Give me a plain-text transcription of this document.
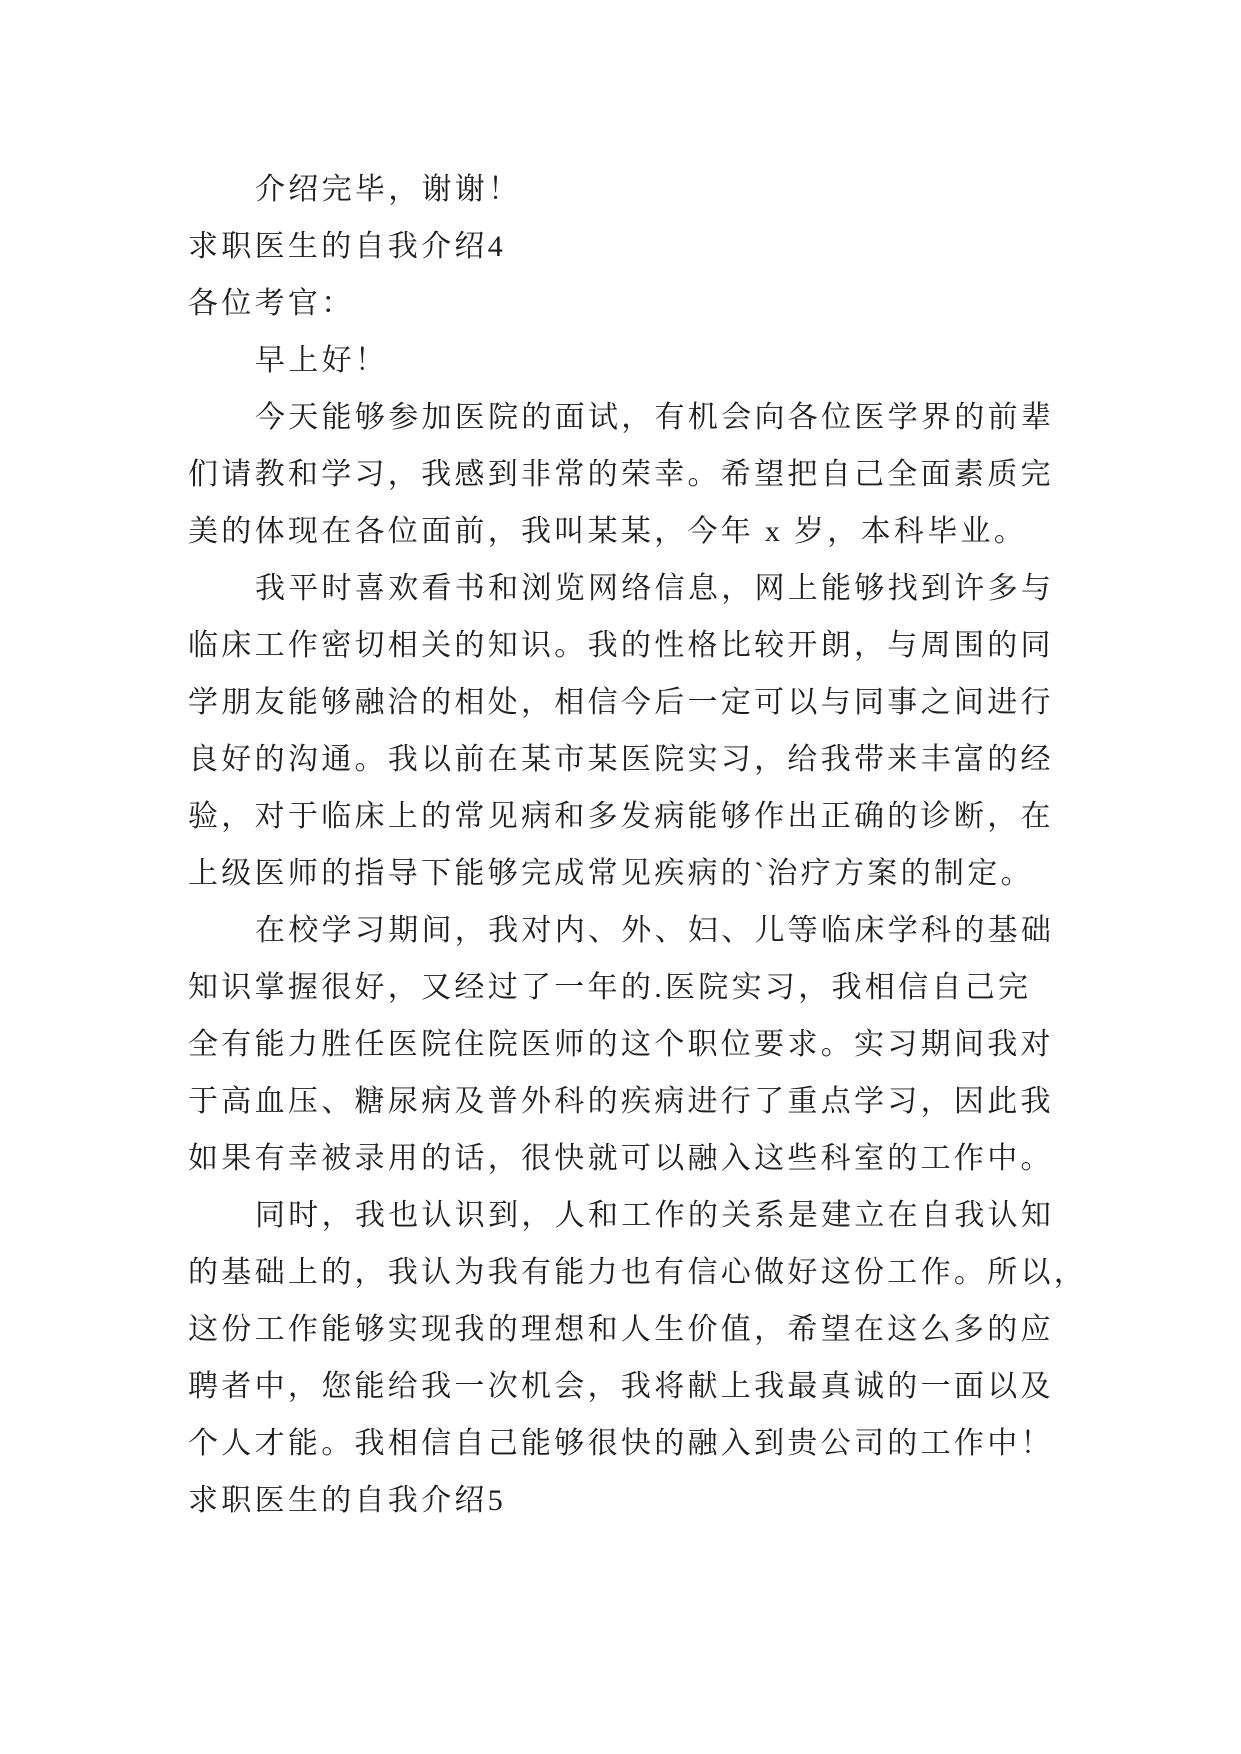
介绍完毕，谢谢！
求职医生的自我介绍4
各位考官：
早上好！
今天能够参加医院的面试，有机会向各位医学界的前辈
们请教和学习，我感到非常的荣幸。希望把自己全面素质完
美的体现在各位面前，我叫某某，今年 x 岁，本科毕业。
我平时喜欢看书和浏览网络信息，网上能够找到许多与
临床工作密切相关的知识。我的性格比较开朗，与周围的同
学朋友能够融洽的相处，相信今后一定可以与同事之间进行
良好的沟通。我以前在某市某医院实习，给我带来丰富的经
验，对于临床上的常见病和多发病能够作出正确的诊断，在
上级医师的指导下能够完成常见疾病的`治疗方案的制定。
在校学习期间，我对内、外、妇、儿等临床学科的基础
知识掌握很好，又经过了一年的.医院实习，我相信自己完
全有能力胜任医院住院医师的这个职位要求。实习期间我对
于高血压、糖尿病及普外科的疾病进行了重点学习，因此我
如果有幸被录用的话，很快就可以融入这些科室的工作中。
同时，我也认识到，人和工作的关系是建立在自我认知
的基础上的，我认为我有能力也有信心做好这份工作。所以，
这份工作能够实现我的理想和人生价值，希望在这么多的应
聘者中，您能给我一次机会，我将献上我最真诚的一面以及
个人才能。我相信自己能够很快的融入到贵公司的工作中！
求职医生的自我介绍5
